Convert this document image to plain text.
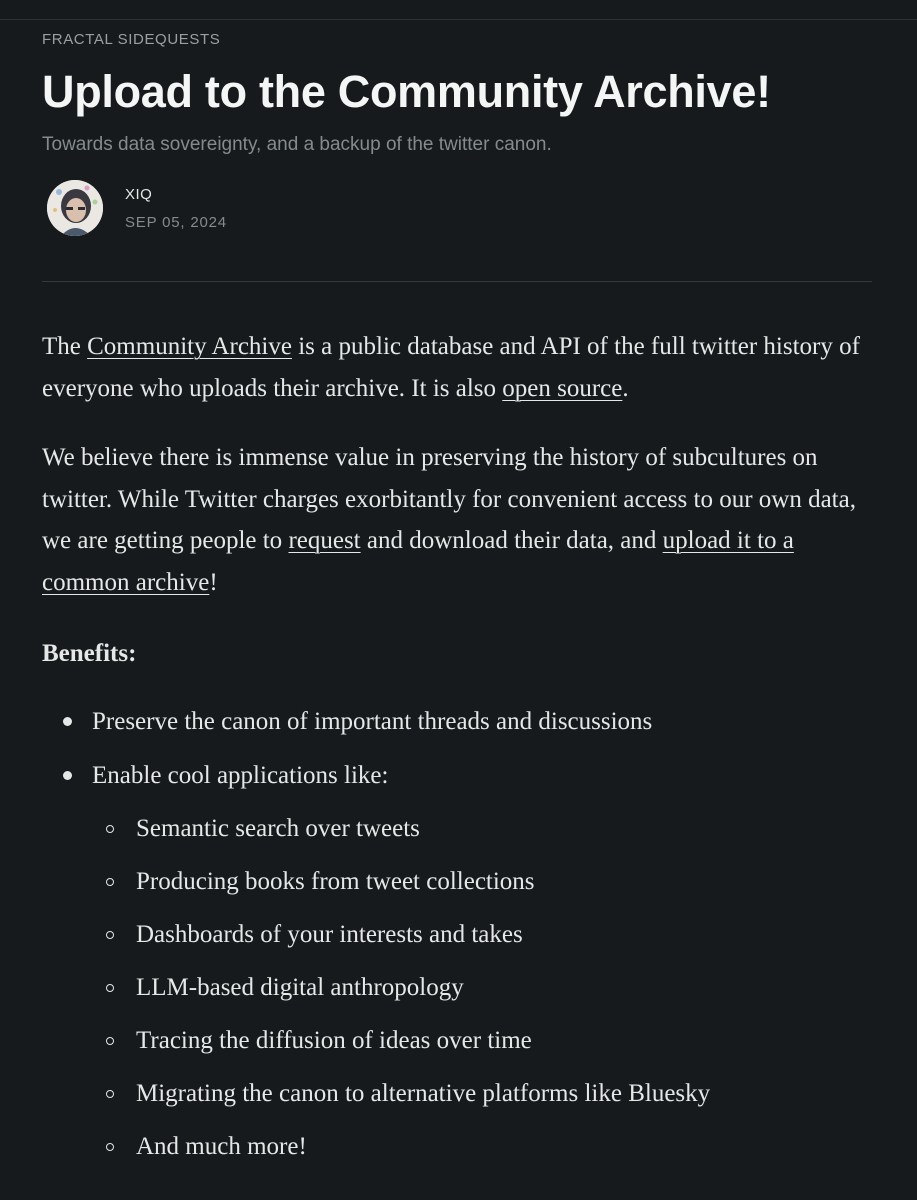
FRACTAL SIDEQUESTS
Upload to the Community Archive!
Towards data sovereignty, and a backup of the twitter canon.
XIQ
SEP 05, 2024

The Community Archive is a public database and API of the full twitter history of everyone who uploads their archive. It is also open source.

We believe there is immense value in preserving the history of subcultures on twitter. While Twitter charges exorbitantly for convenient access to our own data, we are getting people to request and download their data, and upload it to a common archive!

Benefits:
Preserve the canon of important threads and discussions
Enable cool applications like:
Semantic search over tweets
Producing books from tweet collections
Dashboards of your interests and takes
LLM-based digital anthropology
Tracing the diffusion of ideas over time
Migrating the canon to alternative platforms like Bluesky
And much more!
